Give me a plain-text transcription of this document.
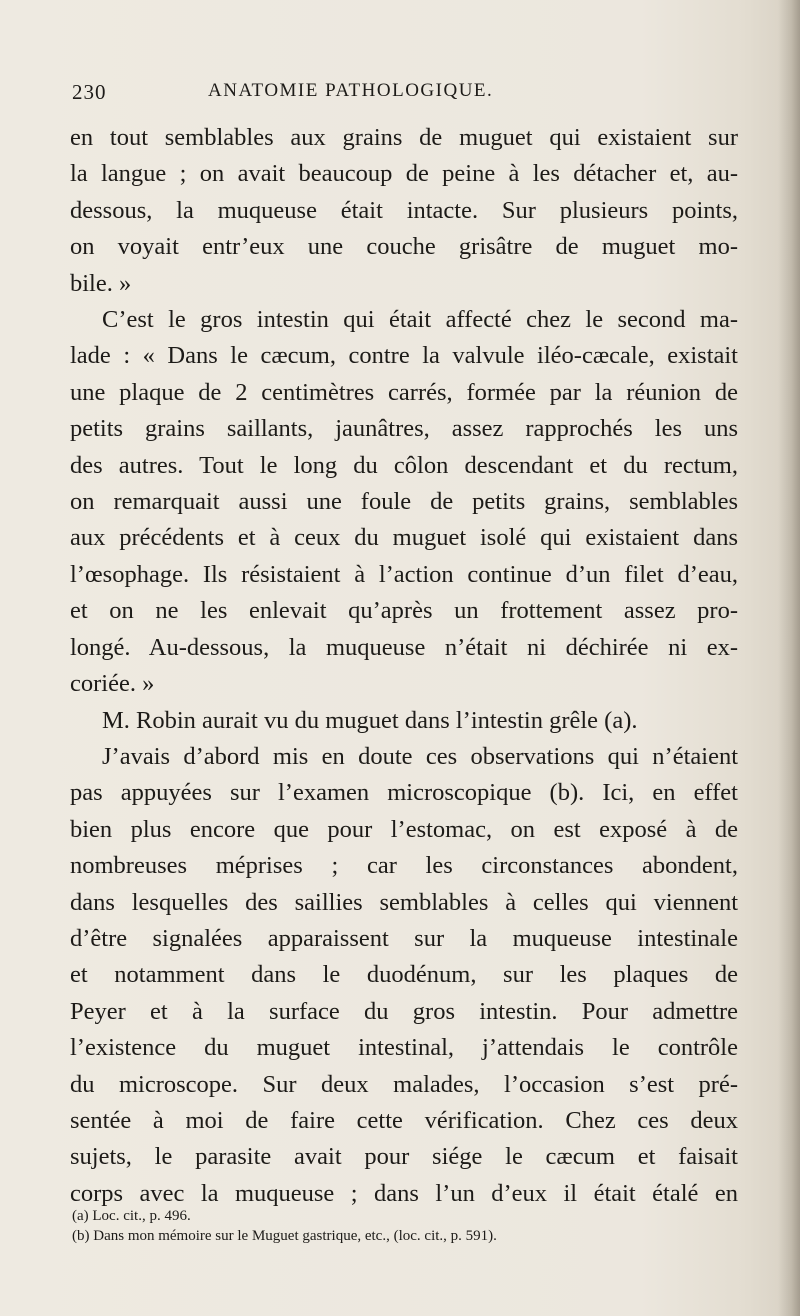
230	ANATOMIE PATHOLOGIQUE.
en tout semblables aux grains de muguet qui existaient sur
la langue ; on avait beaucoup de peine à les détacher et, au-
dessous, la muqueuse était intacte. Sur plusieurs points,
on voyait entr’eux une couche grisâtre de muguet mo-
bile. »
C’est le gros intestin qui était affecté chez le second ma-
lade : « Dans le cæcum, contre la valvule iléo-cæcale, existait
une plaque de 2 centimètres carrés, formée par la réunion de
petits grains saillants, jaunâtres, assez rapprochés les uns
des autres. Tout le long du côlon descendant et du rectum,
on remarquait aussi une foule de petits grains, semblables
aux précédents et à ceux du muguet isolé qui existaient dans
l’œsophage. Ils résistaient à l’action continue d’un filet d’eau,
et on ne les enlevait qu’après un frottement assez pro-
longé. Au-dessous, la muqueuse n’était ni déchirée ni ex-
coriée. »
M. Robin aurait vu du muguet dans l’intestin grêle (a).
J’avais d’abord mis en doute ces observations qui n’étaient
pas appuyées sur l’examen microscopique (b). Ici, en effet
bien plus encore que pour l’estomac, on est exposé à de
nombreuses méprises ; car les circonstances abondent,
dans lesquelles des saillies semblables à celles qui viennent
d’être signalées apparaissent sur la muqueuse intestinale
et notamment dans le duodénum, sur les plaques de
Peyer et à la surface du gros intestin. Pour admettre
l’existence du muguet intestinal, j’attendais le contrôle
du microscope. Sur deux malades, l’occasion s’est pré-
sentée à moi de faire cette vérification. Chez ces deux
sujets, le parasite avait pour siége le cæcum et faisait
corps avec la muqueuse ; dans l’un d’eux il était étalé en
(a) Loc. cit., p. 496.
(b) Dans mon mémoire sur le Muguet gastrique, etc., (loc. cit., p. 591).
